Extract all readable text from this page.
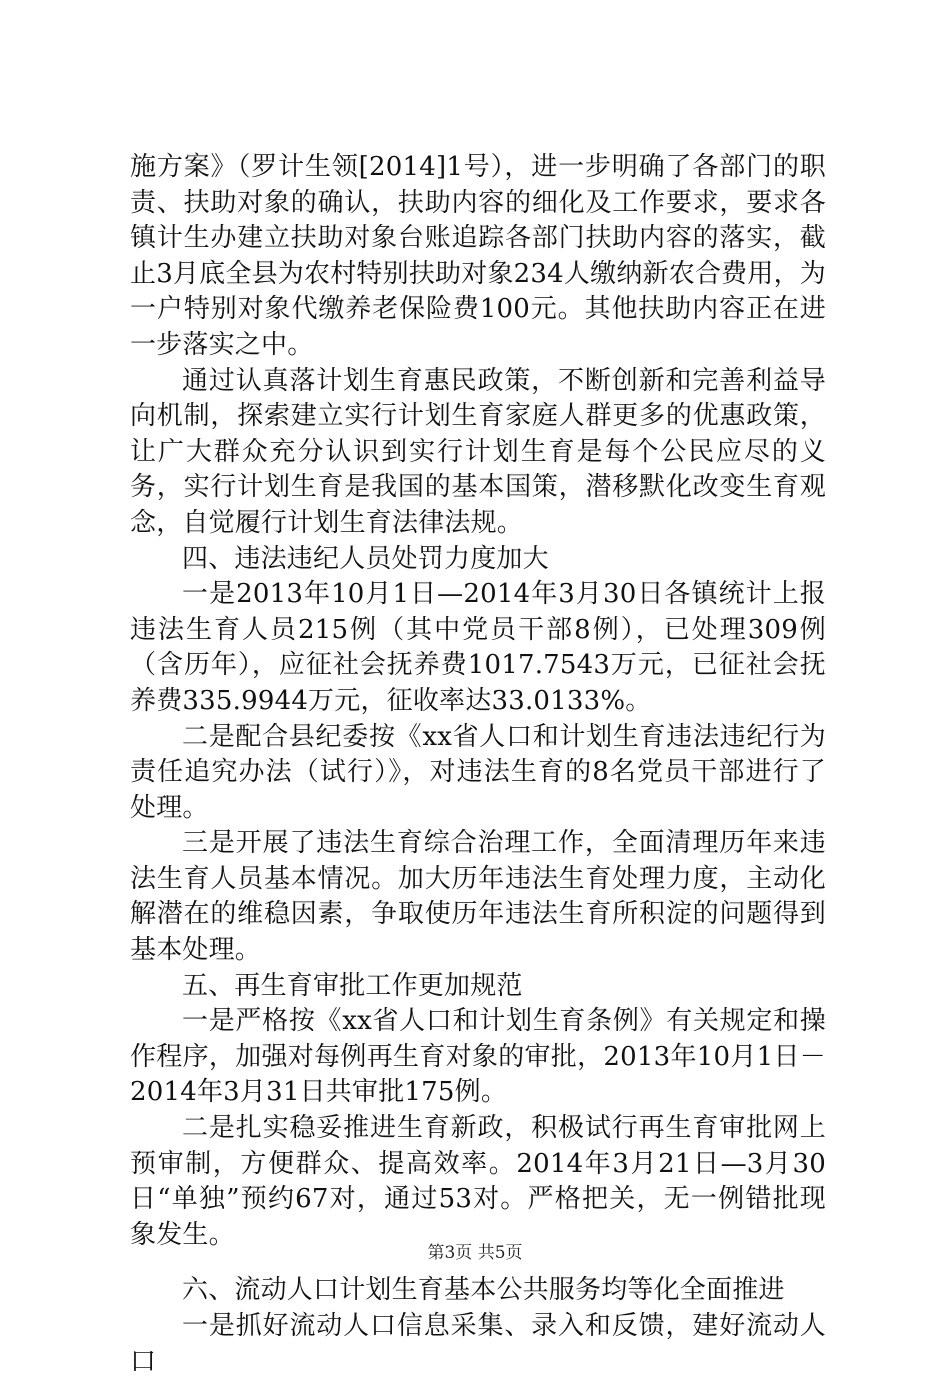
施方案》（罗计生领[2014]1号），进一步明确了各部门的职责、扶助对象的确认，扶助内容的细化及工作要求，要求各镇计生办建立扶助对象台账追踪各部门扶助内容的落实，截止3月底全县为农村特别扶助对象234人缴纳新农合费用，为一户特别对象代缴养老保险费100元。其他扶助内容正在进一步落实之中。

通过认真落计划生育惠民政策，不断创新和完善利益导向机制，探索建立实行计划生育家庭人群更多的优惠政策，让广大群众充分认识到实行计划生育是每个公民应尽的义务，实行计划生育是我国的基本国策，潜移默化改变生育观念，自觉履行计划生育法律法规。

四、违法违纪人员处罚力度加大

一是2013年10月1日—2014年3月30日各镇统计上报违法生育人员215例（其中党员干部8例），已处理309例（含历年），应征社会抚养费1017.7543万元，已征社会抚养费335.9944万元，征收率达33.0133%。

二是配合县纪委按《xx省人口和计划生育违法违纪行为责任追究办法（试行）》，对违法生育的8名党员干部进行了处理。

三是开展了违法生育综合治理工作，全面清理历年来违法生育人员基本情况。加大历年违法生育处理力度，主动化解潜在的维稳因素，争取使历年违法生育所积淀的问题得到基本处理。

五、再生育审批工作更加规范

一是严格按《xx省人口和计划生育条例》有关规定和操作程序，加强对每例再生育对象的审批，2013年10月1日－2014年3月31日共审批175例。

二是扎实稳妥推进生育新政，积极试行再生育审批网上预审制，方便群众、提高效率。2014年3月21日—3月30日“单独”预约67对，通过53对。严格把关，无一例错批现象发生。

六、流动人口计划生育基本公共服务均等化全面推进

一是抓好流动人口信息采集、录入和反馈，建好流动人口

第3页 共5页
